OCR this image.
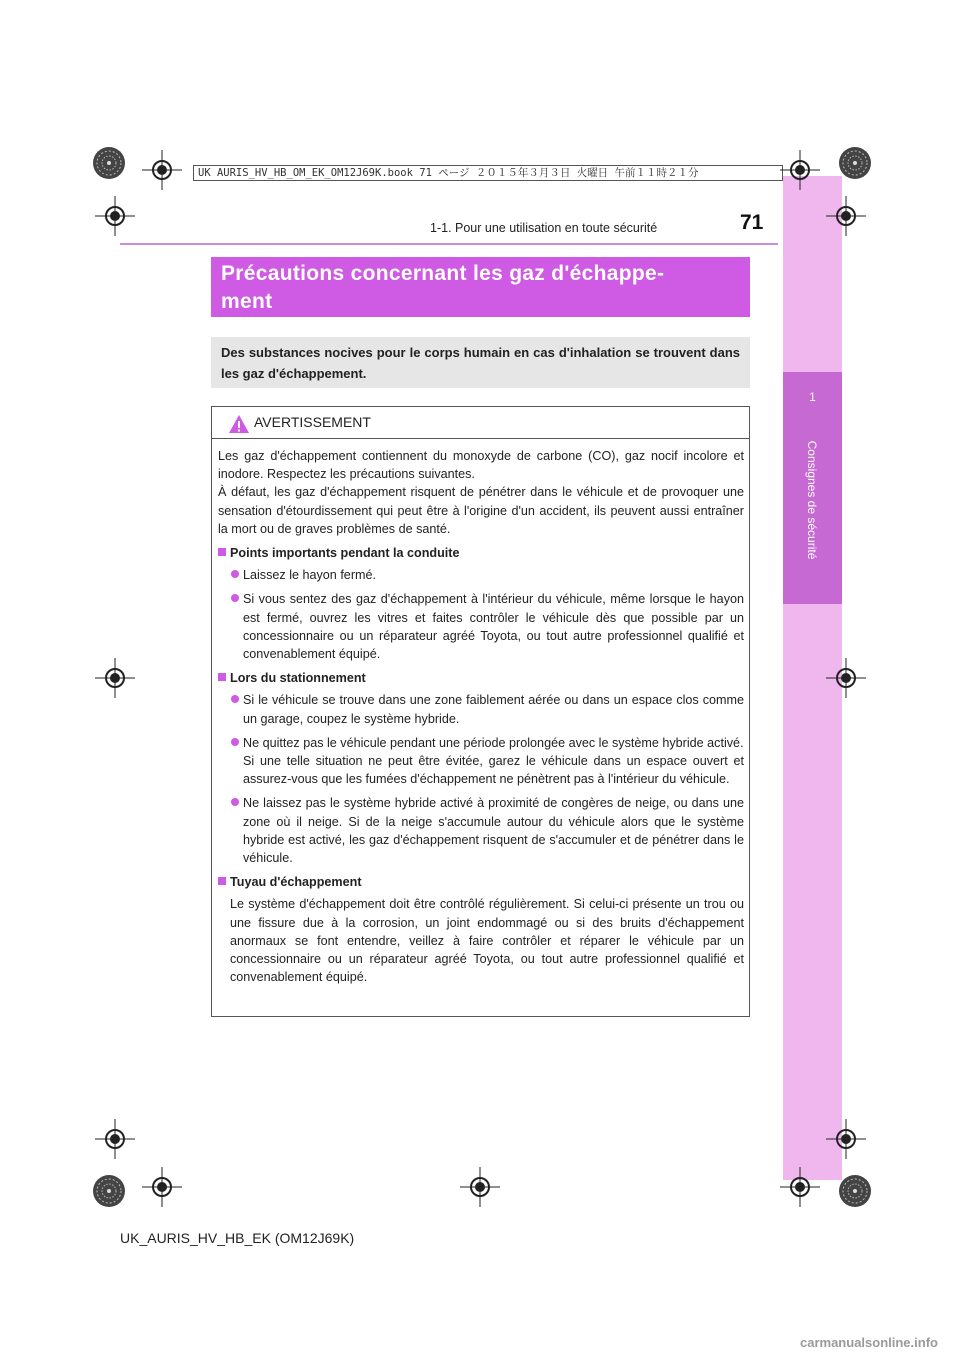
1
Consignes de sécurité
UK AURIS_HV_HB_OM_EK_OM12J69K.book 71 ページ ２０１５年３月３日 火曜日 午前１１時２１分
1-1. Pour une utilisation en toute sécurité	71
Précautions concernant les gaz d'échappe-
ment
Des substances nocives pour le corps humain en cas d'inhalation se trouvent dans les gaz d'échappement.
AVERTISSEMENT

Les gaz d'échappement contiennent du monoxyde de carbone (CO), gaz nocif incolore et inodore. Respectez les précautions suivantes.

À défaut, les gaz d'échappement risquent de pénétrer dans le véhicule et de provoquer une sensation d'étourdissement qui peut être à l'origine d'un accident, ils peuvent aussi entraîner la mort ou de graves problèmes de santé.

Points importants pendant la conduite
Laissez le hayon fermé.
Si vous sentez des gaz d'échappement à l'intérieur du véhicule, même lorsque le hayon est fermé, ouvrez les vitres et faites contrôler le véhicule dès que possible par un concessionnaire ou un réparateur agréé Toyota, ou tout autre professionnel qualifié et convenablement équipé.
Lors du stationnement
Si le véhicule se trouve dans une zone faiblement aérée ou dans un espace clos comme un garage, coupez le système hybride.
Ne quittez pas le véhicule pendant une période prolongée avec le système hybride activé.
Si une telle situation ne peut être évitée, garez le véhicule dans un espace ouvert et assurez-vous que les fumées d'échappement ne pénètrent pas à l'intérieur du véhicule.
Ne laissez pas le système hybride activé à proximité de congères de neige, ou dans une zone où il neige. Si de la neige s'accumule autour du véhicule alors que le système hybride est activé, les gaz d'échappement risquent de s'accumuler et de pénétrer dans le véhicule.
Tuyau d'échappement

Le système d'échappement doit être contrôlé régulièrement. Si celui-ci présente un trou ou une fissure due à la corrosion, un joint endommagé ou si des bruits d'échappement anormaux se font entendre, veillez à faire contrôler et réparer le véhicule par un concessionnaire ou un réparateur agréé Toyota, ou tout autre professionnel qualifié et convenablement équipé.

UK_AURIS_HV_HB_EK (OM12J69K)
carmanualsonline.info
